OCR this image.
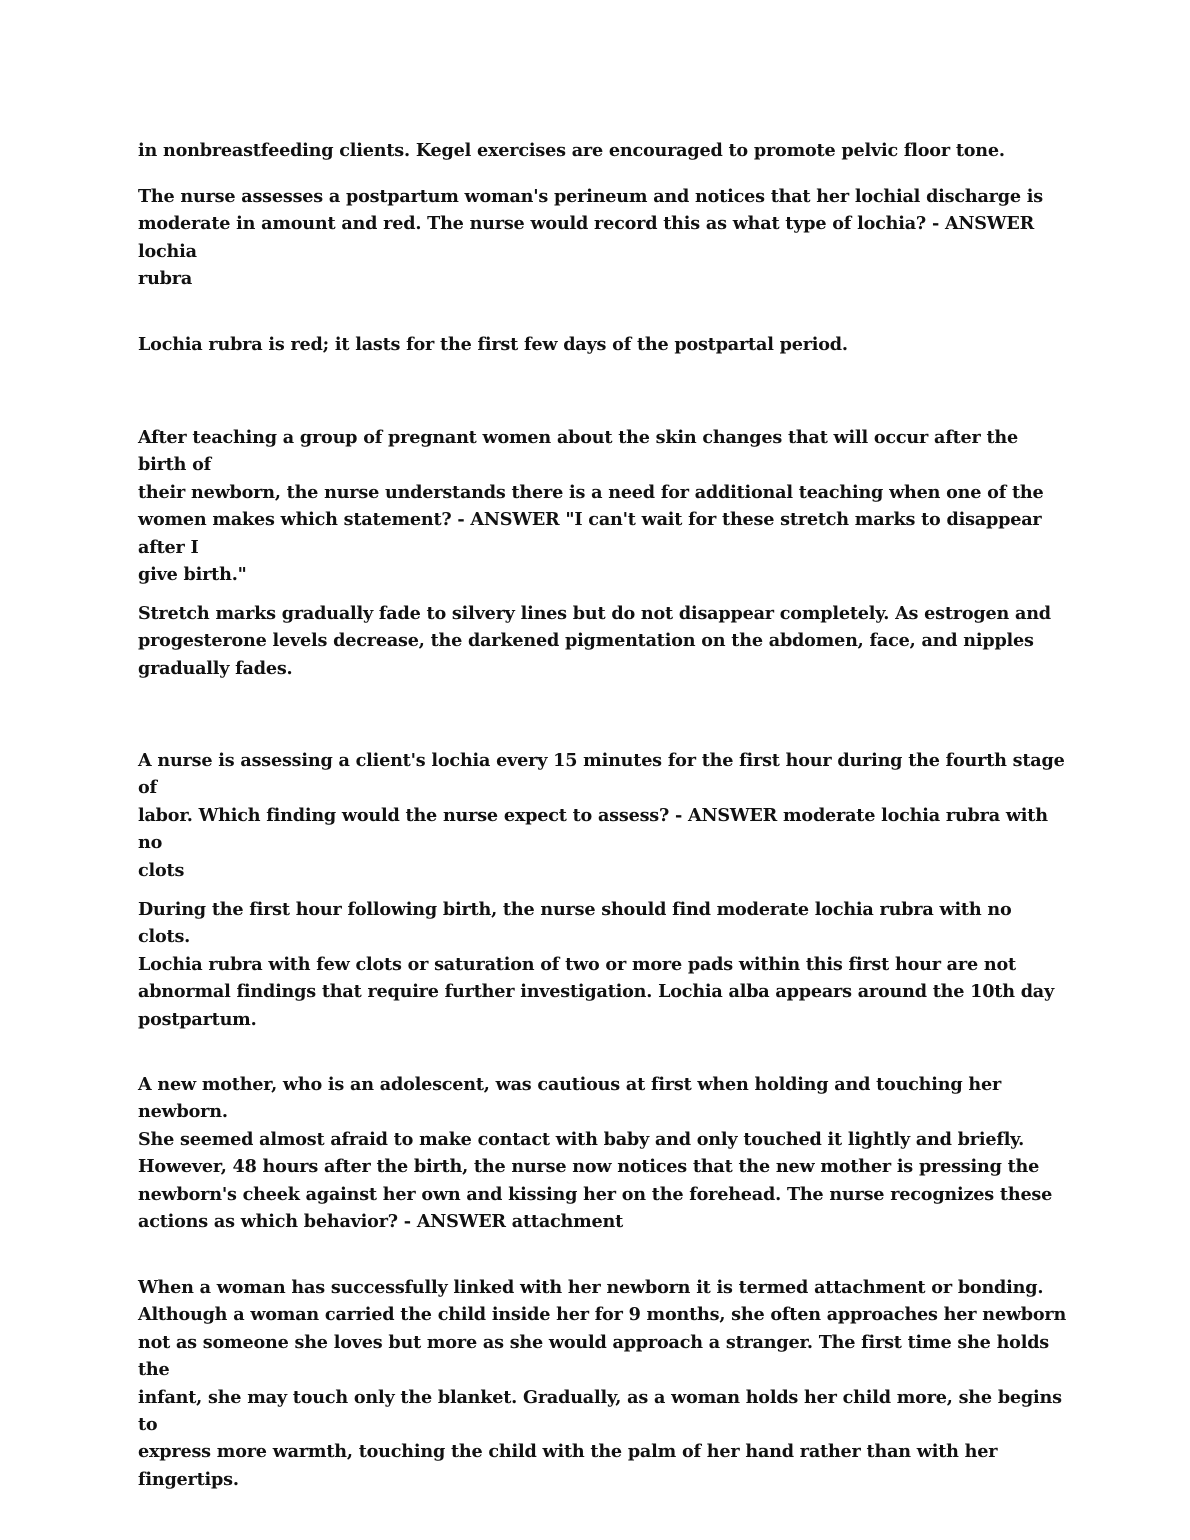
in nonbreastfeeding clients. Kegel exercises are encouraged to promote pelvic floor tone.

The nurse assesses a postpartum woman's perineum and notices that her lochial discharge is
moderate in amount and red. The nurse would record this as what type of lochia? - ANSWER lochia
rubra

Lochia rubra is red; it lasts for the first few days of the postpartal period.

After teaching a group of pregnant women about the skin changes that will occur after the birth of
their newborn, the nurse understands there is a need for additional teaching when one of the
women makes which statement? - ANSWER "I can't wait for these stretch marks to disappear after I
give birth."

Stretch marks gradually fade to silvery lines but do not disappear completely. As estrogen and
progesterone levels decrease, the darkened pigmentation on the abdomen, face, and nipples
gradually fades.

A nurse is assessing a client's lochia every 15 minutes for the first hour during the fourth stage of
labor. Which finding would the nurse expect to assess? - ANSWER moderate lochia rubra with no
clots

During the first hour following birth, the nurse should find moderate lochia rubra with no clots.
Lochia rubra with few clots or saturation of two or more pads within this first hour are not
abnormal findings that require further investigation. Lochia alba appears around the 10th day
postpartum.

A new mother, who is an adolescent, was cautious at first when holding and touching her newborn.
She seemed almost afraid to make contact with baby and only touched it lightly and briefly.
However, 48 hours after the birth, the nurse now notices that the new mother is pressing the
newborn's cheek against her own and kissing her on the forehead. The nurse recognizes these
actions as which behavior? - ANSWER attachment

When a woman has successfully linked with her newborn it is termed attachment or bonding.
Although a woman carried the child inside her for 9 months, she often approaches her newborn
not as someone she loves but more as she would approach a stranger. The first time she holds the
infant, she may touch only the blanket. Gradually, as a woman holds her child more, she begins to
express more warmth, touching the child with the palm of her hand rather than with her fingertips.
